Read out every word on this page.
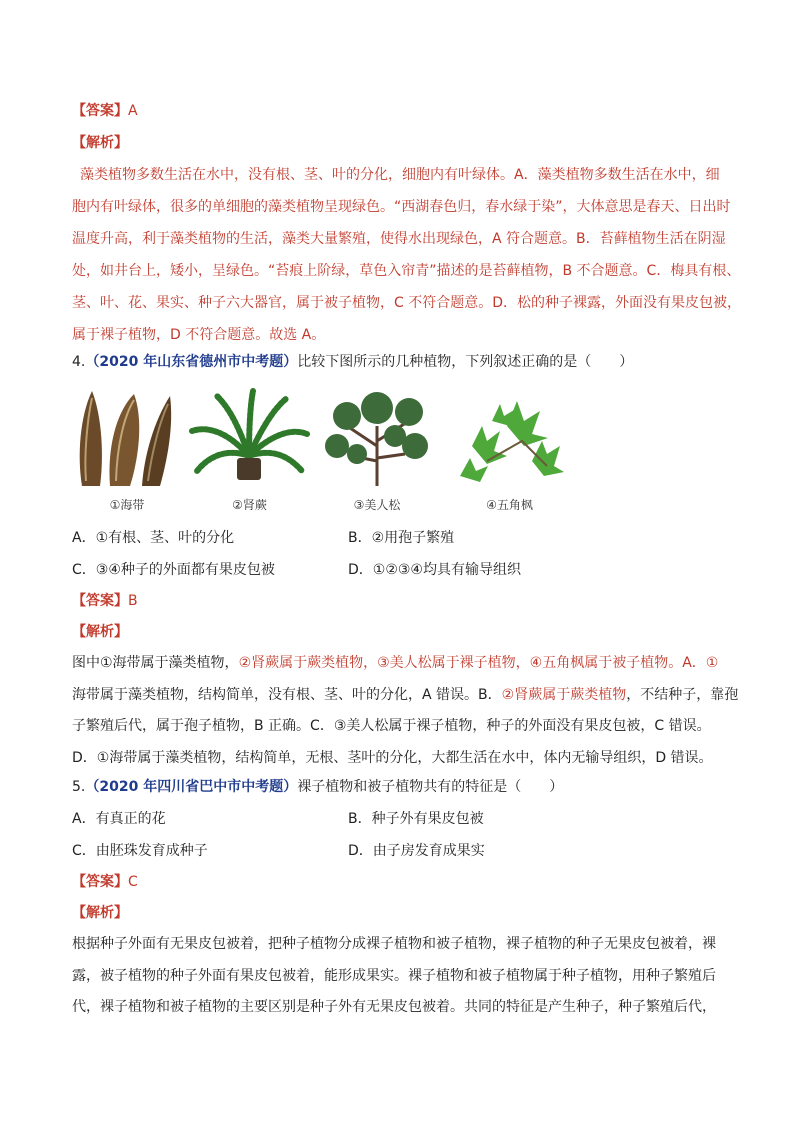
【答案】A
【解析】
藻类植物多数生活在水中，没有根、茎、叶的分化，细胞内有叶绿体。A．藻类植物多数生活在水中，细
胞内有叶绿体，很多的单细胞的藻类植物呈现绿色。“西湖春色归，春水绿于染”，大体意思是春天、日出时
温度升高，利于藻类植物的生活，藻类大量繁殖，使得水出现绿色，A 符合题意。B．苔藓植物生活在阴湿
处，如井台上，矮小，呈绿色。“苔痕上阶绿，草色入帘青”描述的是苔藓植物，B 不合题意。C．梅具有根、
茎、叶、花、果实、种子六大器官，属于被子植物，C 不符合题意。D．松的种子裸露，外面没有果皮包被，
属于裸子植物，D 不符合题意。故选 A。
4.（2020 年山东省德州市中考题）比较下图所示的几种植物，下列叙述正确的是（　　）
①海带	②肾蕨	③美人松	④五角枫
A．①有根、茎、叶的分化	B．②用孢子繁殖
C．③④种子的外面都有果皮包被	D．①②③④均具有输导组织
【答案】B
【解析】
图中①海带属于藻类植物，②肾蕨属于蕨类植物，③美人松属于裸子植物，④五角枫属于被子植物。A．①
海带属于藻类植物，结构简单，没有根、茎、叶的分化，A 错误。B．②肾蕨属于蕨类植物，不结种子，靠孢
子繁殖后代，属于孢子植物，B 正确。C．③美人松属于裸子植物，种子的外面没有果皮包被，C 错误。
D．①海带属于藻类植物，结构简单，无根、茎叶的分化，大都生活在水中，体内无输导组织，D 错误。
5.（2020 年四川省巴中市中考题）裸子植物和被子植物共有的特征是（　　）
A．有真正的花	B．种子外有果皮包被
C．由胚珠发育成种子	D．由子房发育成果实
【答案】C
【解析】
根据种子外面有无果皮包被着，把种子植物分成裸子植物和被子植物，裸子植物的种子无果皮包被着，裸
露，被子植物的种子外面有果皮包被着，能形成果实。裸子植物和被子植物属于种子植物，用种子繁殖后
代，裸子植物和被子植物的主要区别是种子外有无果皮包被着。共同的特征是产生种子，种子繁殖后代，
